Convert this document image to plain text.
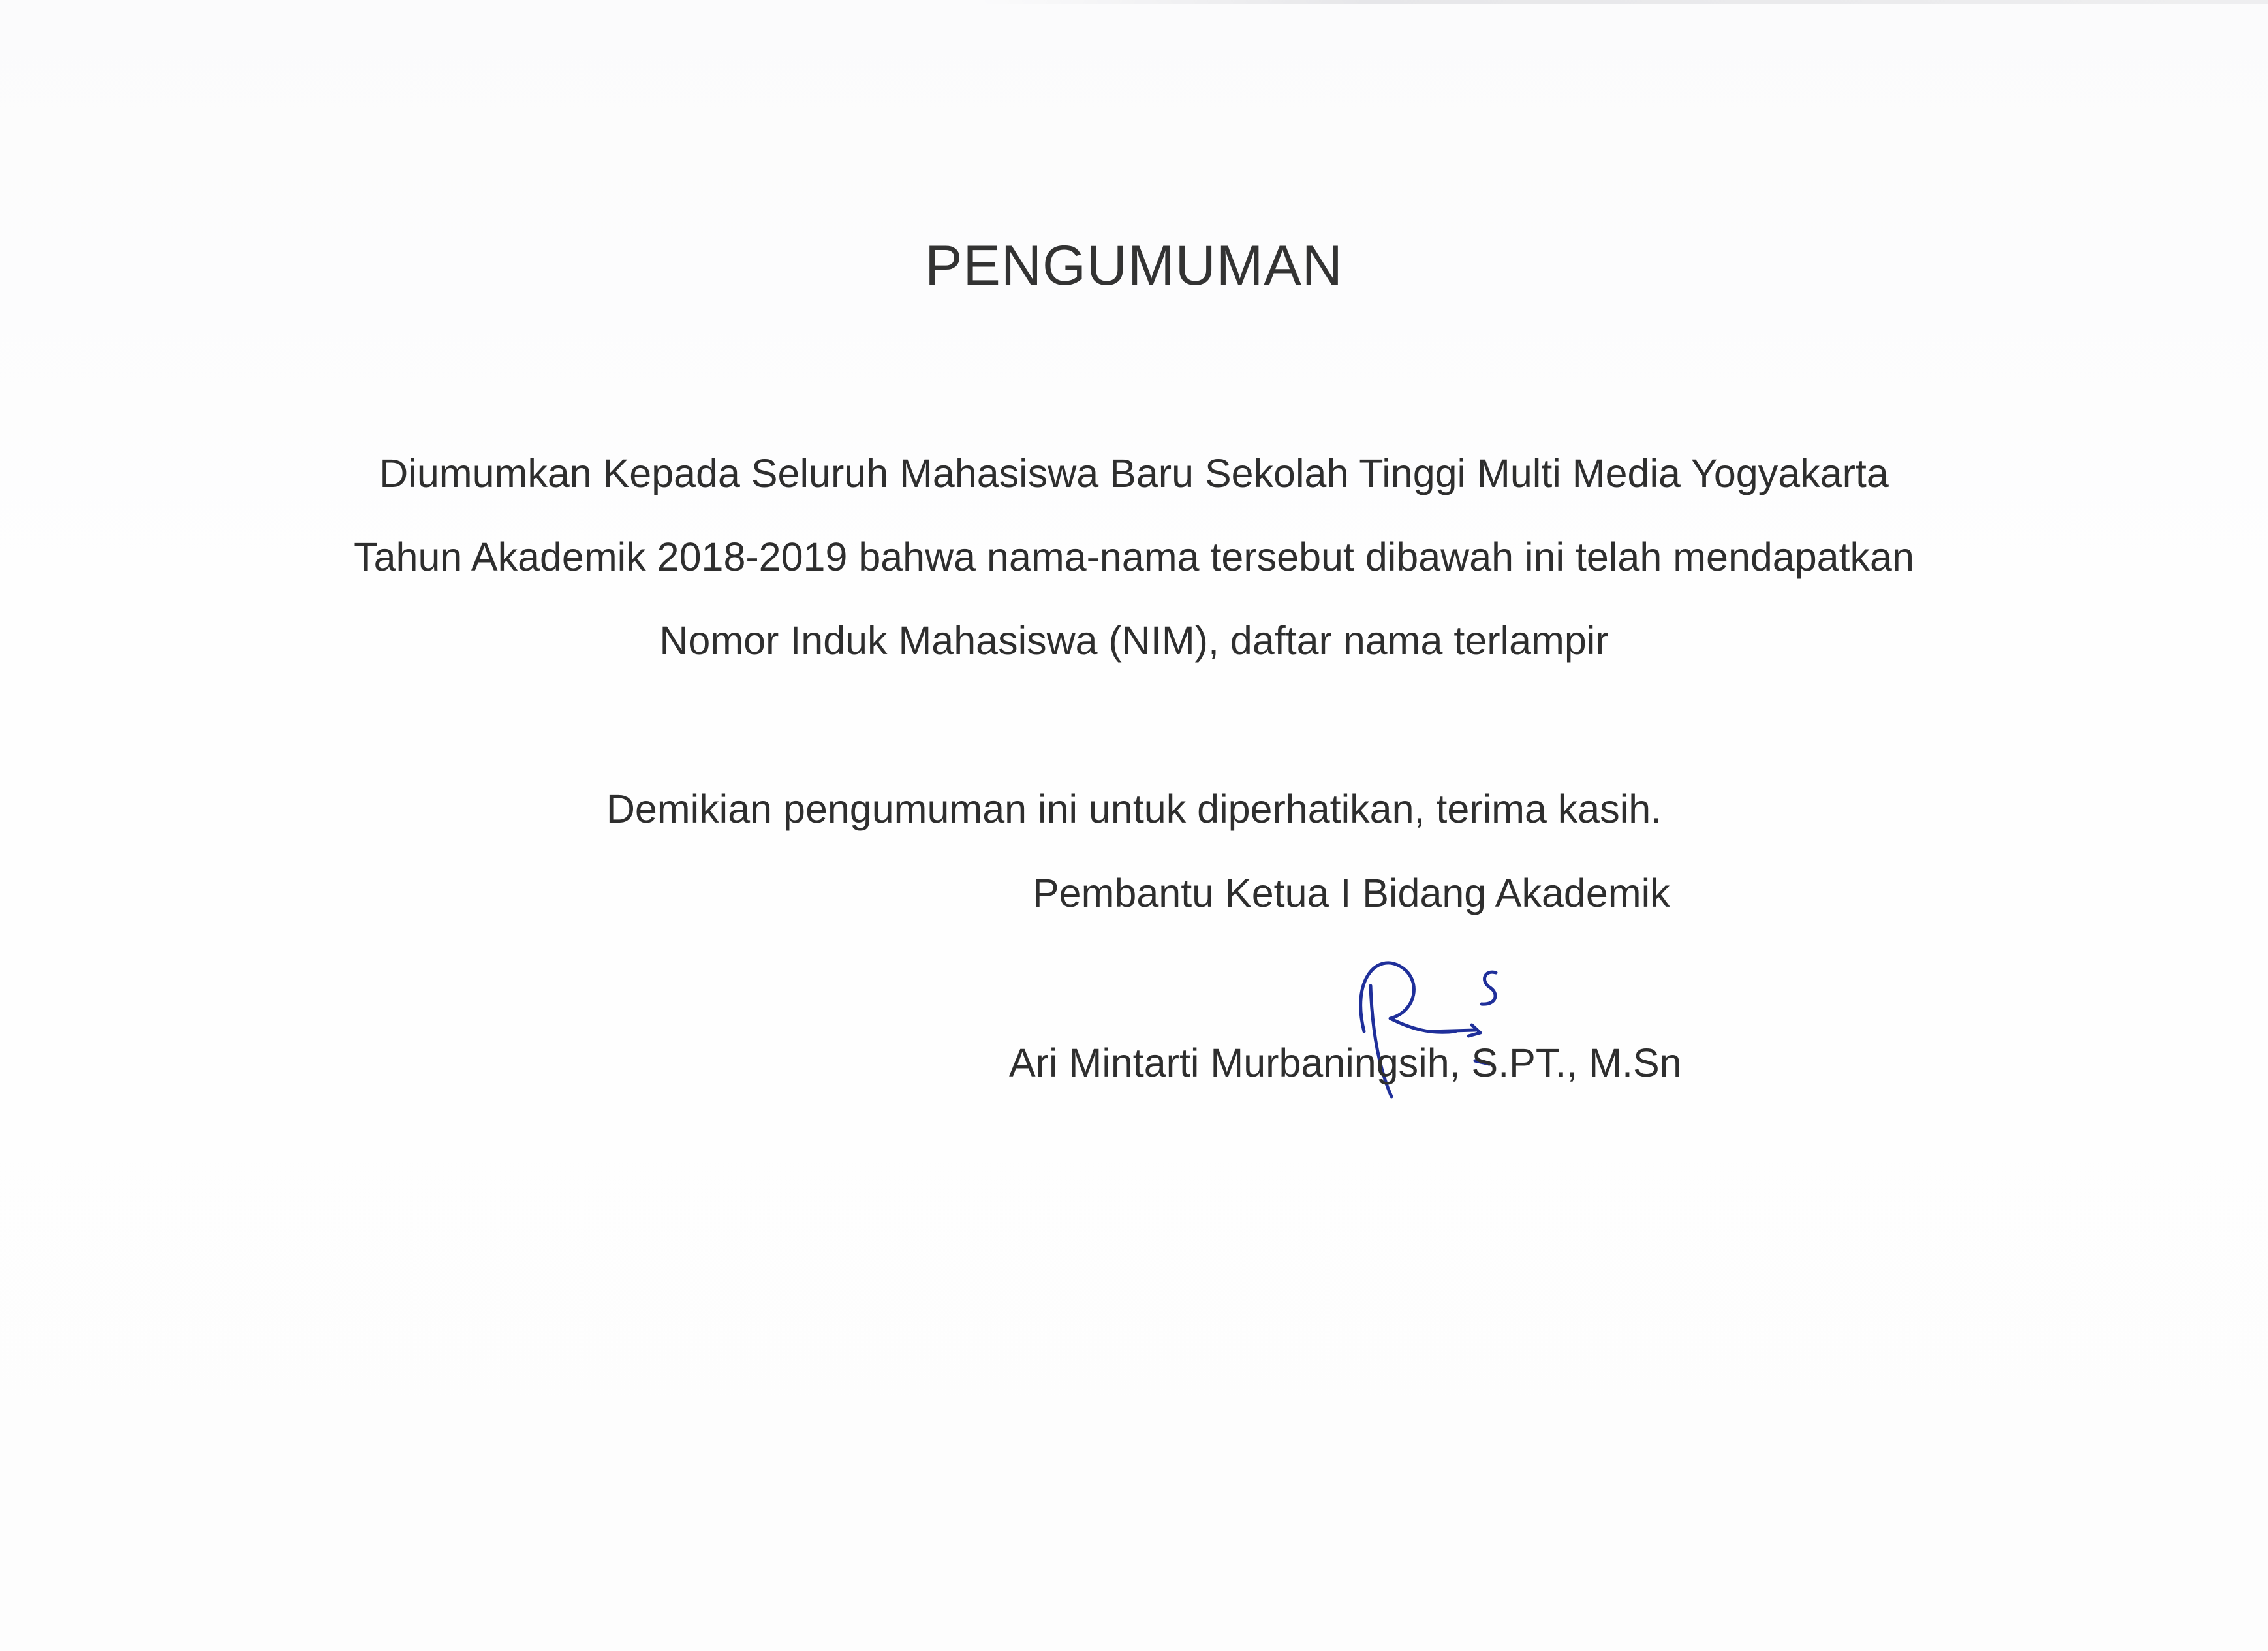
PENGUMUMAN
Diumumkan Kepada Seluruh Mahasiswa Baru Sekolah Tinggi Multi Media Yogyakarta
Tahun Akademik 2018-2019 bahwa nama-nama tersebut dibawah ini telah mendapatkan
Nomor Induk Mahasiswa (NIM), daftar nama terlampir
Demikian pengumuman ini untuk diperhatikan, terima kasih.
Pembantu Ketua I Bidang Akademik
Ari Mintarti Murbaningsih, S.PT., M.Sn
